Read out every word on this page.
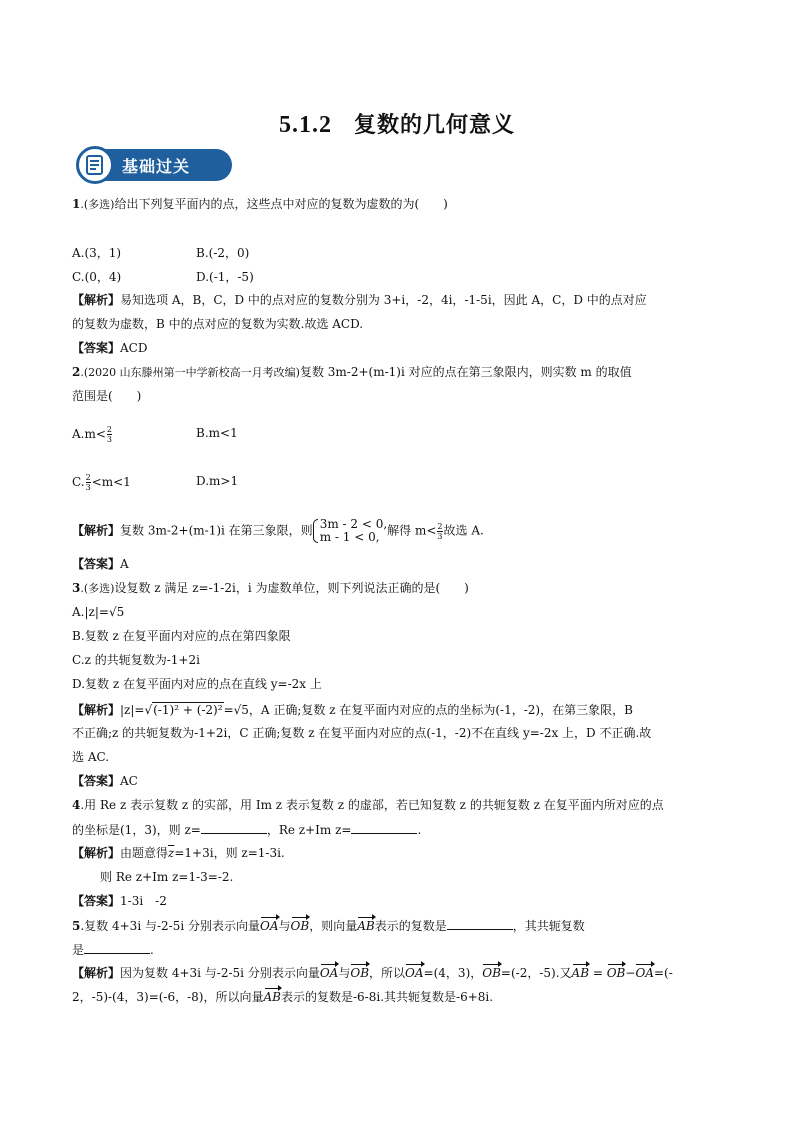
5.1.2 复数的几何意义
基础过关
1.(多选)给出下列复平面内的点，这些点中对应的复数为虚数的为(　　)
A.(3，1)	B.(-2，0)
C.(0，4)	D.(-1，-5)
【解析】易知选项 A，B，C，D 中的点对应的复数分别为 3+i，-2，4i，-1-5i，因此 A，C，D 中的点对应
的复数为虚数，B 中的点对应的复数为实数.故选 ACD.
【答案】ACD
2.(2020 山东滕州第一中学新校高一月考改编)复数 3m-2+(m-1)i 对应的点在第三象限内，则实数 m 的取值
范围是(　　)
$A.m< \frac{2}{3}$	B.m<1
C. $\frac{2}{3} <m<1$	D.m>1
【解析】复数 3m-2+(m-1)i 在第三象限，则 3m - 2 < 0,
m - 1 < 0, 解得 $m< \frac{2}{3}$ 故选 A.
【答案】A
3.(多选)设复数 z 满足 z=-1-2i，i 为虚数单位，则下列说法正确的是(　　)
A.|z|=√5
B.复数 z 在复平面内对应的点在第四象限
C.z 的共轭复数为-1+2i
D.复数 z 在复平面内对应的点在直线 y=-2x 上
【解析】|z|=√(-1)² + (-2)²=√5，A 正确;复数 z 在复平面内对应的点的坐标为(-1，-2)，在第三象限，B
不正确;z 的共轭复数为-1+2i，C 正确;复数 z 在复平面内对应的点(-1，-2)不在直线 y=-2x 上，D 不正确.故
选 AC.
【答案】AC
4.用 Re z 表示复数 z 的实部，用 Im z 表示复数 z 的虚部，若已知复数 z 的共轭复数 z 在复平面内所对应的点
的坐标是(1，3)，则 z=	，Re z+Im z=	.
【解析】由题意得$\overline{z}=1+3i$，则 z=1-3i.
则 Re z+Im z=1-3=-2.
【答案】1-3i　-2
5.复数 4+3i 与-2-5i 分别表示向量OA与OB，则向量AB表示的复数是	，其共轭复数
是	.
【解析】因为复数 4+3i 与-2-5i 分别表示向量OA与OB，所以OA=(4，3)，OB=(-2，-5).又AB = OB−OA=(-
2，-5)-(4，3)=(-6，-8)，所以向量AB表示的复数是-6-8i.其共轭复数是-6+8i.
